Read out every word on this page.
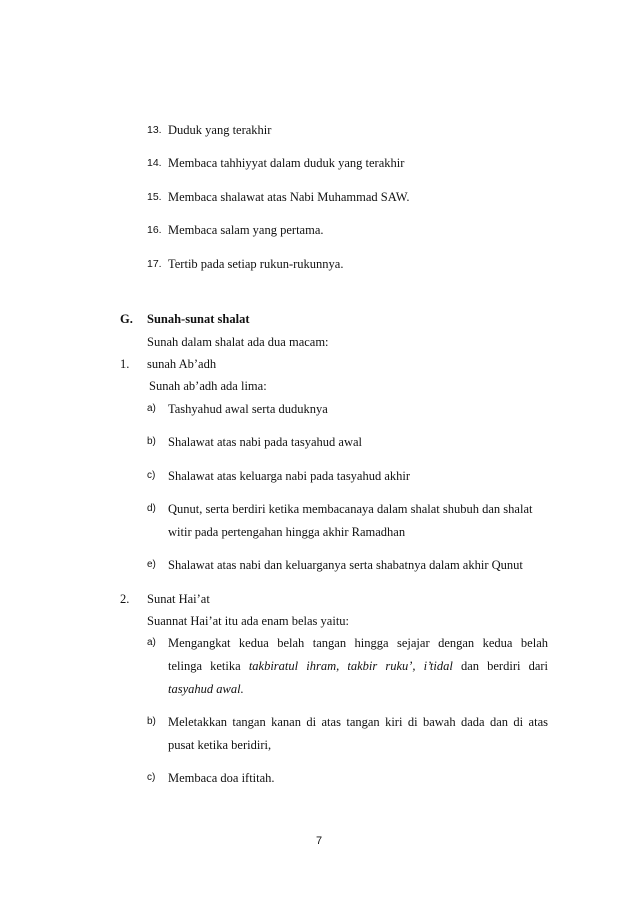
13. Duduk yang terakhir
14. Membaca tahhiyyat dalam duduk yang terakhir
15. Membaca shalawat atas Nabi Muhammad SAW.
16. Membaca salam yang pertama.
17. Tertib pada setiap rukun-rukunnya.
G. Sunah-sunat shalat
Sunah dalam shalat ada dua macam:
1. sunah Ab’adh
Sunah ab’adh ada lima:
a) Tashyahud awal serta duduknya
b) Shalawat atas nabi pada tasyahud awal
c) Shalawat atas keluarga nabi pada tasyahud akhir
d) Qunut, serta berdiri ketika membacanaya dalam shalat shubuh dan shalat
witir pada pertengahan hingga akhir Ramadhan
e) Shalawat atas nabi dan keluarganya serta shabatnya dalam akhir Qunut
2. Sunat Hai’at
Suannat Hai’at itu ada enam belas yaitu:
a) Mengangkat kedua belah tangan hingga sejajar dengan kedua belah
telinga ketika takbiratul ihram, takbir ruku’, i’tidal dan berdiri dari
tasyahud awal.
b) Meletakkan tangan kanan di atas tangan kiri di bawah dada dan di atas
pusat ketika beridiri,
c) Membaca doa iftitah.
7
